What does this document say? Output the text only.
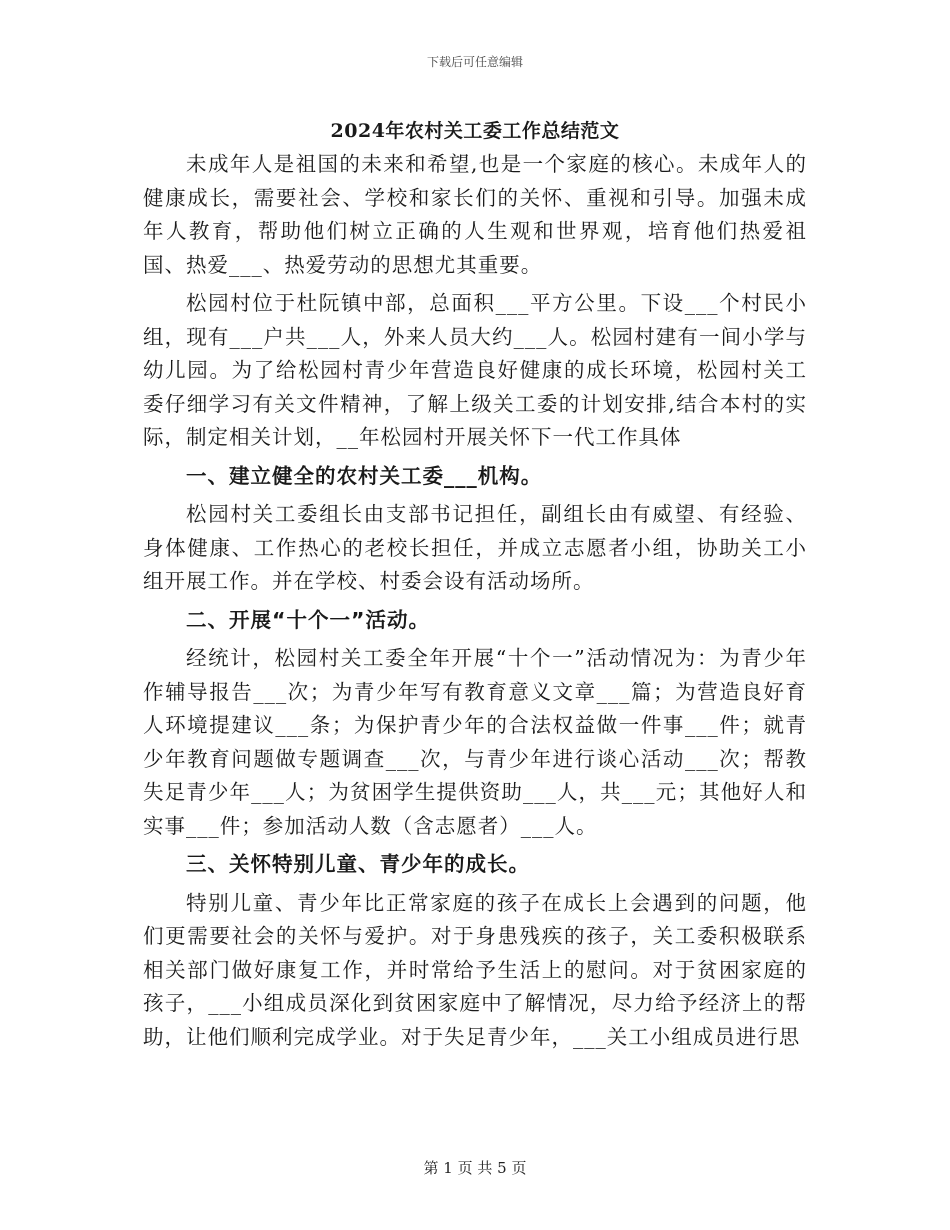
下载后可任意编辑
2024年农村关工委工作总结范文

未成年人是祖国的未来和希望,也是一个家庭的核心。未成年人的健康成长，需要社会、学校和家长们的关怀、重视和引导。加强未成年人教育，帮助他们树立正确的人生观和世界观，培育他们热爱祖国、热爱___、热爱劳动的思想尤其重要。

松园村位于杜阮镇中部，总面积___平方公里。下设___个村民小组，现有___户共___人，外来人员大约___人。松园村建有一间小学与幼儿园。为了给松园村青少年营造良好健康的成长环境，松园村关工委仔细学习有关文件精神，了解上级关工委的计划安排,结合本村的实际，制定相关计划，__年松园村开展关怀下一代工作具体

一、建立健全的农村关工委___机构。

松园村关工委组长由支部书记担任，副组长由有威望、有经验、身体健康、工作热心的老校长担任，并成立志愿者小组，协助关工小组开展工作。并在学校、村委会设有活动场所。

二、开展“十个一”活动。

经统计，松园村关工委全年开展“十个一”活动情况为：为青少年作辅导报告___次；为青少年写有教育意义文章___篇；为营造良好育人环境提建议___条；为保护青少年的合法权益做一件事___件；就青少年教育问题做专题调查___次，与青少年进行谈心活动___次；帮教失足青少年___人；为贫困学生提供资助___人，共___元；其他好人和实事___件；参加活动人数（含志愿者）___人。

三、关怀特别儿童、青少年的成长。

特别儿童、青少年比正常家庭的孩子在成长上会遇到的问题，他们更需要社会的关怀与爱护。对于身患残疾的孩子，关工委积极联系相关部门做好康复工作，并时常给予生活上的慰问。对于贫困家庭的孩子，___小组成员深化到贫困家庭中了解情况，尽力给予经济上的帮助，让他们顺利完成学业。对于失足青少年，___关工小组成员进行思

第 1 页 共 5 页
